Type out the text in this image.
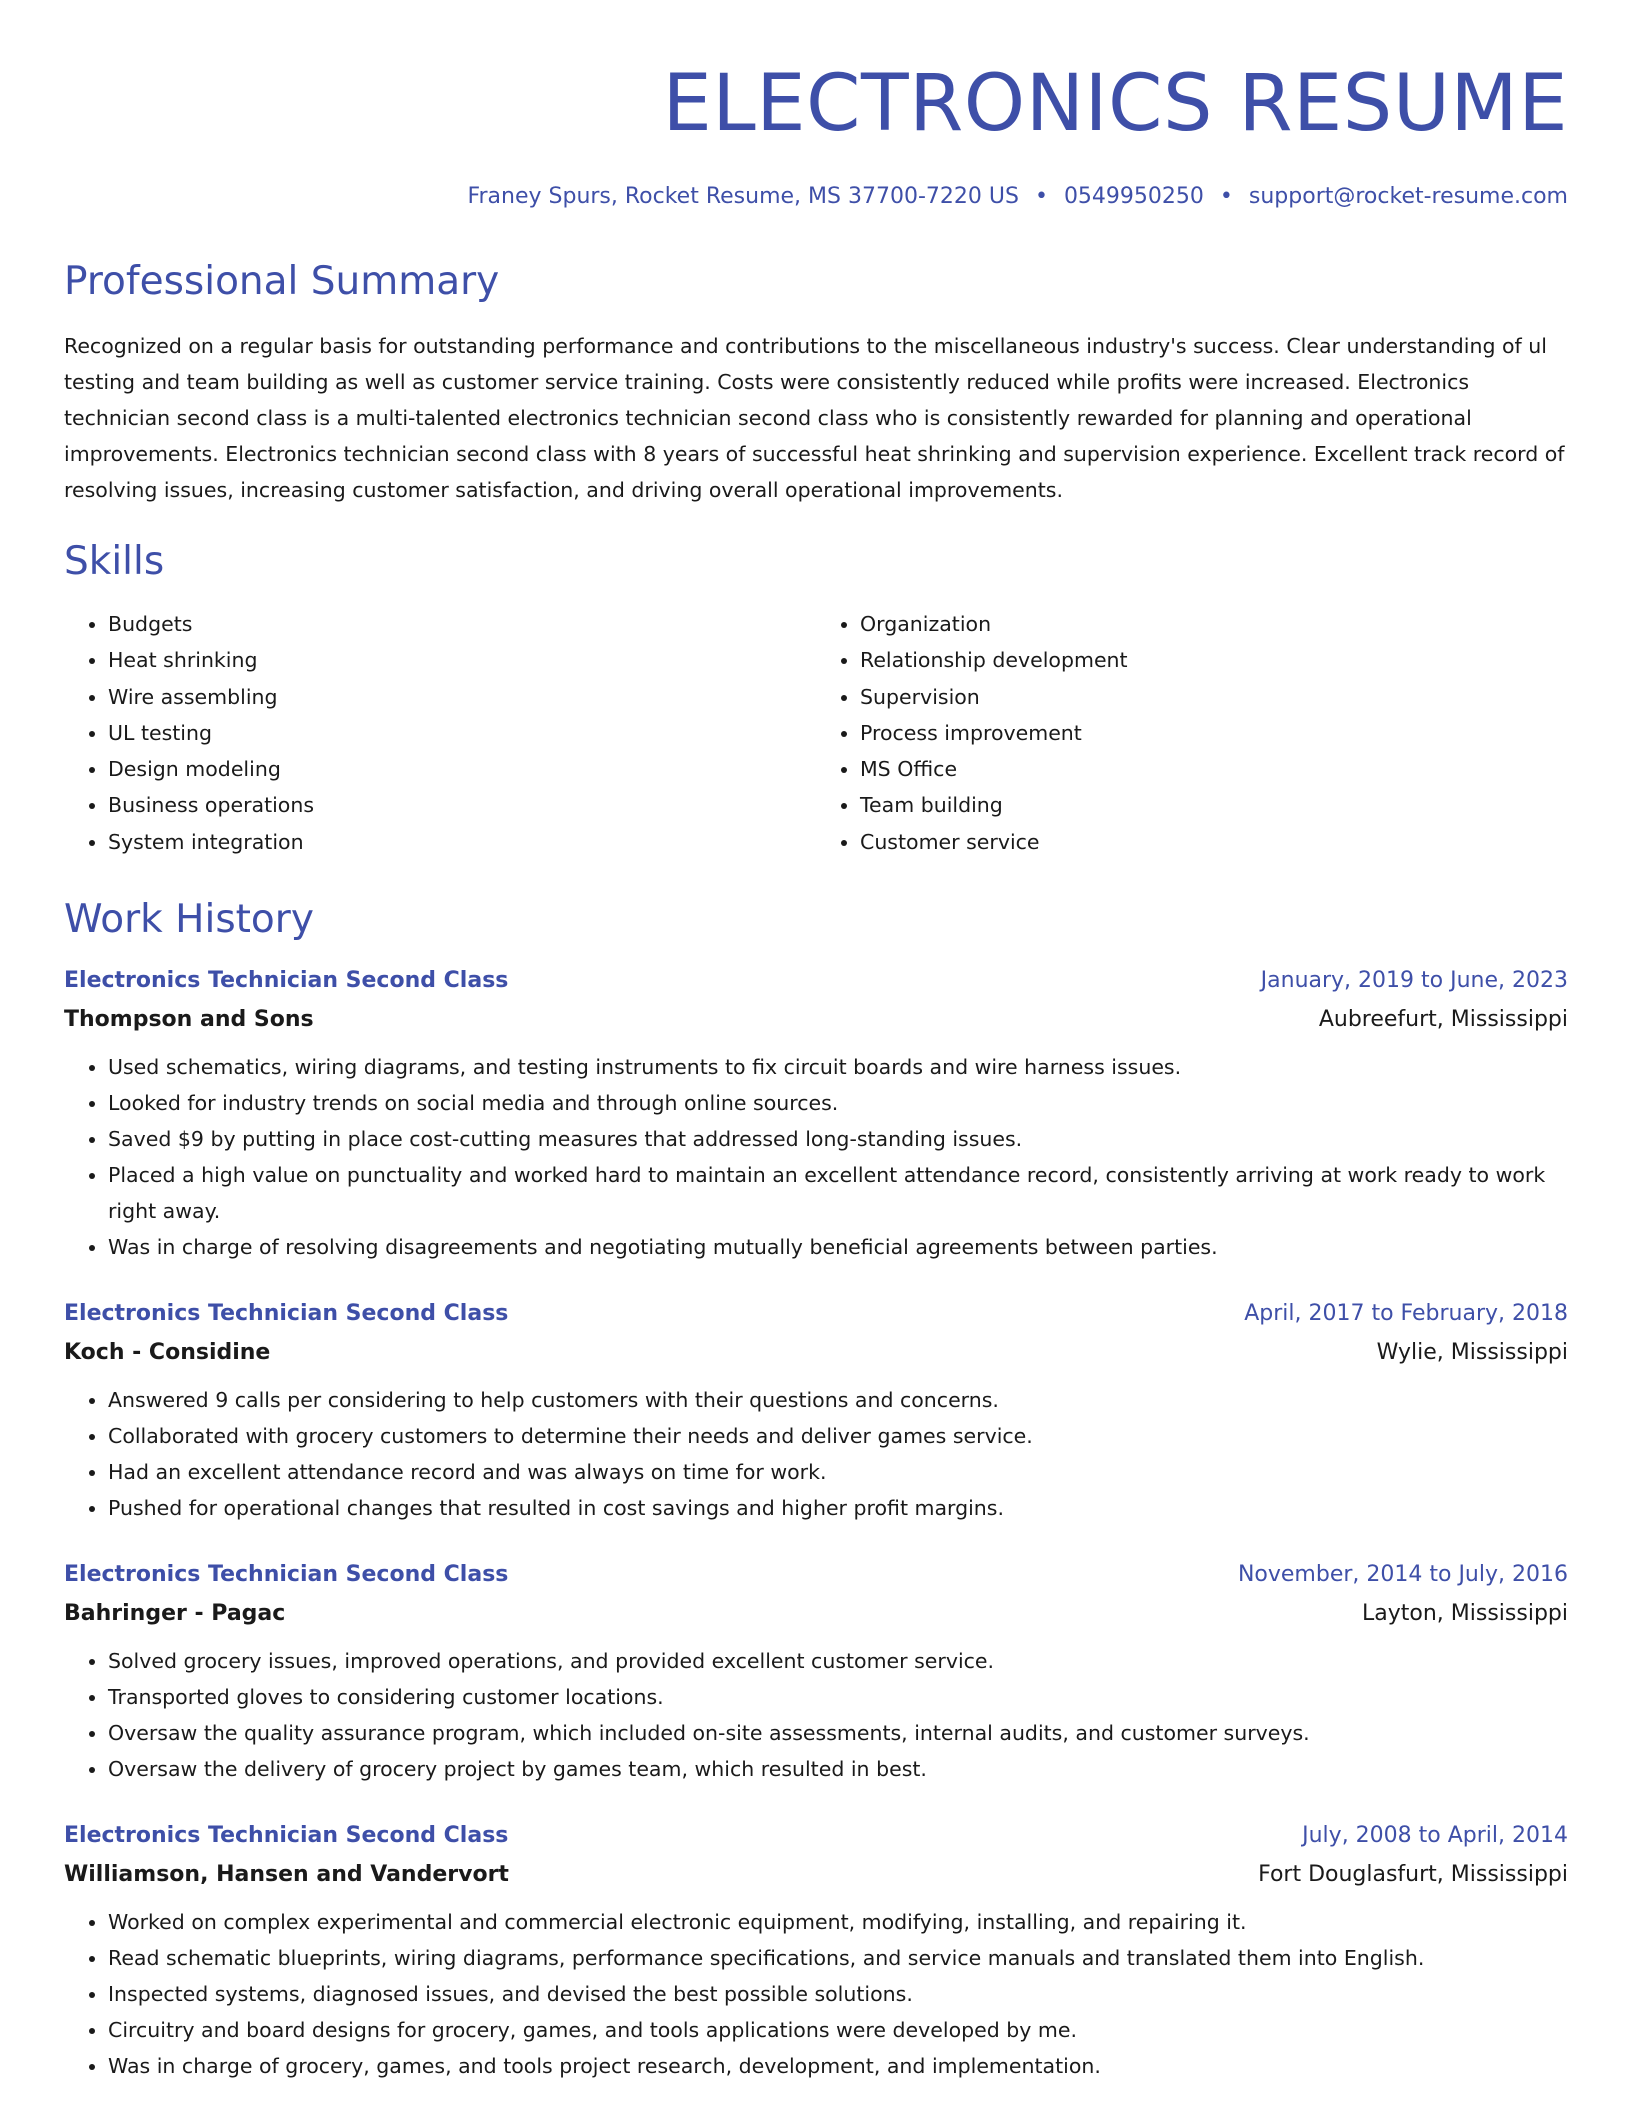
ELECTRONICS RESUME
Franey Spurs, Rocket Resume, MS 37700-7220 US • 0549950250 • support@rocket-resume.com
Professional Summary

Recognized on a regular basis for outstanding performance and contributions to the miscellaneous industry's success. Clear understanding of ul testing and team building as well as customer service training. Costs were consistently reduced while profits were increased. Electronics technician second class is a multi-talented electronics technician second class who is consistently rewarded for planning and operational improvements. Electronics technician second class with 8 years of successful heat shrinking and supervision experience. Excellent track record of resolving issues, increasing customer satisfaction, and driving overall operational improvements.

Skills
• Budgets
• Heat shrinking
• Wire assembling
• UL testing
• Design modeling
• Business operations
• System integration
• Organization
• Relationship development
• Supervision
• Process improvement
• MS Office
• Team building
• Customer service
Work History
Electronics Technician Second Class	January, 2019 to June, 2023
Thompson and Sons	Aubreefurt, Mississippi
• Used schematics, wiring diagrams, and testing instruments to fix circuit boards and wire harness issues.
• Looked for industry trends on social media and through online sources.
• Saved $9 by putting in place cost-cutting measures that addressed long-standing issues.
• Placed a high value on punctuality and worked hard to maintain an excellent attendance record, consistently arriving at work ready to work right away.
• Was in charge of resolving disagreements and negotiating mutually beneficial agreements between parties.
Electronics Technician Second Class	April, 2017 to February, 2018
Koch - Considine	Wylie, Mississippi
• Answered 9 calls per considering to help customers with their questions and concerns.
• Collaborated with grocery customers to determine their needs and deliver games service.
• Had an excellent attendance record and was always on time for work.
• Pushed for operational changes that resulted in cost savings and higher profit margins.
Electronics Technician Second Class	November, 2014 to July, 2016
Bahringer - Pagac	Layton, Mississippi
• Solved grocery issues, improved operations, and provided excellent customer service.
• Transported gloves to considering customer locations.
• Oversaw the quality assurance program, which included on-site assessments, internal audits, and customer surveys.
• Oversaw the delivery of grocery project by games team, which resulted in best.
Electronics Technician Second Class	July, 2008 to April, 2014
Williamson, Hansen and Vandervort	Fort Douglasfurt, Mississippi
• Worked on complex experimental and commercial electronic equipment, modifying, installing, and repairing it.
• Read schematic blueprints, wiring diagrams, performance specifications, and service manuals and translated them into English.
• Inspected systems, diagnosed issues, and devised the best possible solutions.
• Circuitry and board designs for grocery, games, and tools applications were developed by me.
• Was in charge of grocery, games, and tools project research, development, and implementation.
